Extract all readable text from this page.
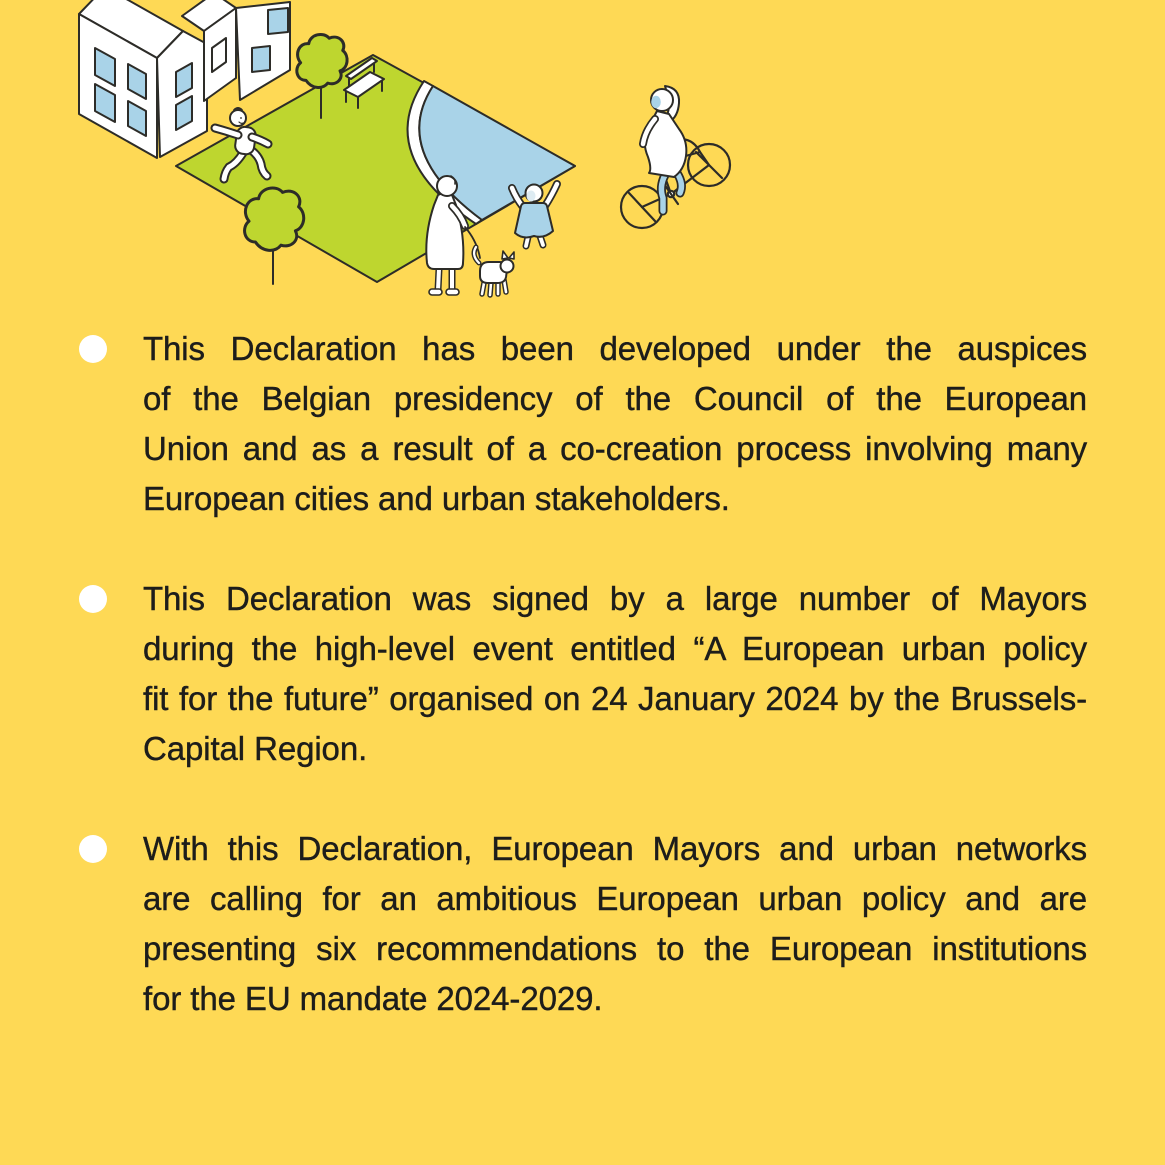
This Declaration has been developed under the auspices
of the Belgian presidency of the Council of the European
Union and as a result of a co-creation process involving many
European cities and urban stakeholders.
This Declaration was signed by a large number of Mayors
during the high-level event entitled “A European urban policy
fit for the future” organised on 24 January 2024 by the Brussels-
Capital Region.
With this Declaration, European Mayors and urban networks
are calling for an ambitious European urban policy and are
presenting six recommendations to the European institutions
for the EU mandate 2024-2029.
